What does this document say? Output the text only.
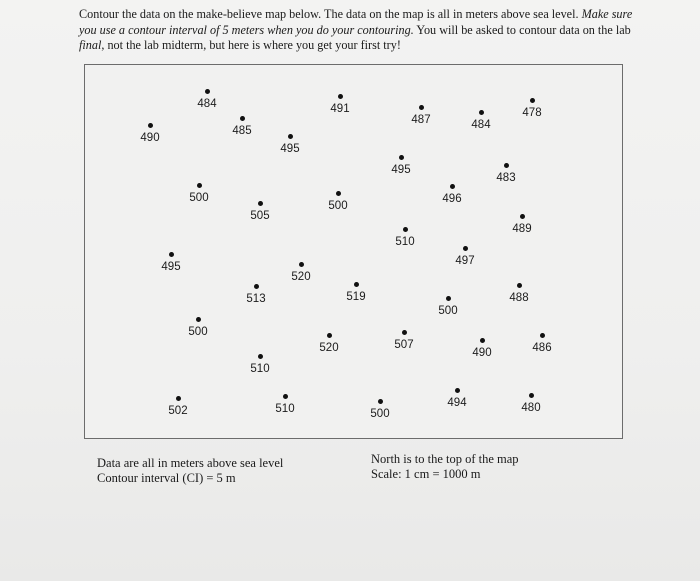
Contour the data on the make-believe map below. The data on the map is all in meters above sea level. Make sure you use a contour interval of 5 meters when you do your contouring. You will be asked to contour data on the lab final, not the lab midterm, but here is where you get your first try!

484
490
485
491
495
487	484
478
495
483
500
505
500
496
510
489
495	497
520
513	519
500
488
500
520	507
490	486
510
494
502	510	500	480

Data are all in meters above sea level
Contour interval (CI) = 5 m

North is to the top of the map
Scale: 1 cm = 1000 m
